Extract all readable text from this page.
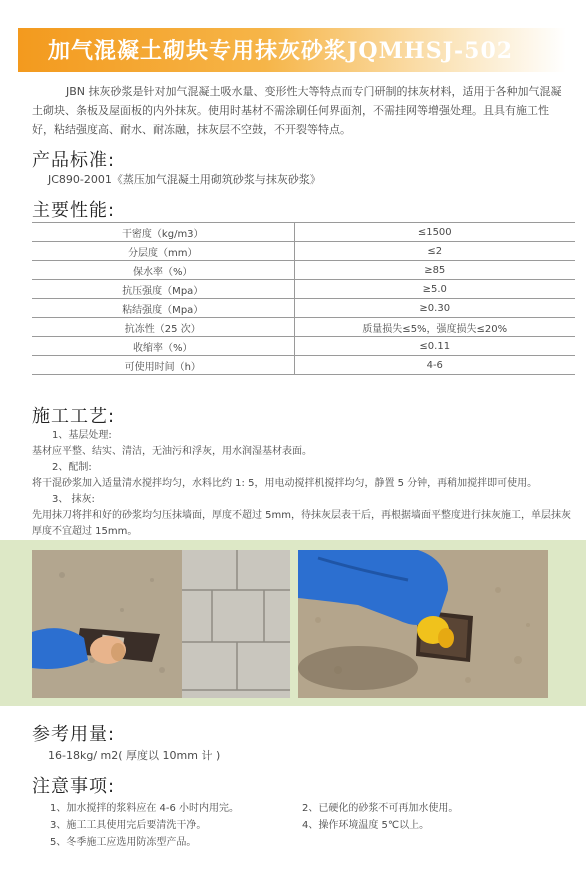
加气混凝土砌块专用抹灰砂浆JQMHSJ-502

JBN 抹灰砂浆是针对加气混凝土吸水量、变形性大等特点而专门研制的抹灰材料，适用于各种加气混凝土砌块、条板及屋面板的内外抹灰。使用时基材不需涂刷任何界面剂，不需挂网等增强处理。且具有施工性好，粘结强度高、耐水、耐冻融，抹灰层不空鼓，不开裂等特点。

产品标准:
JC890-2001《蒸压加气混凝土用砌筑砂浆与抹灰砂浆》
主要性能:
干密度（kg/m3）	≤1500
分层度（mm）	≤2
保水率（%）	≥85
抗压强度（Mpa）	≥5.0
粘结强度（Mpa）	≥0.30
抗冻性（25 次）	质量损失≤5%，强度损失≤20%
收缩率（%）	≤0.11
可使用时间（h）	4-6
施工工艺:
1、基层处理:
基材应平整、结实、清洁，无油污和浮灰，用水润湿基材表面。
2、配制:
将干混砂浆加入适量清水搅拌均匀，水料比约 1: 5，用电动搅拌机搅拌均匀，静置 5 分钟，再稍加搅拌即可使用。
3、 抹灰:
先用抹刀将拌和好的砂浆均匀压抹墙面，厚度不超过 5mm，待抹灰层表干后，再根据墙面平整度进行抹灰施工，单层抹灰厚度不宜超过 15mm。
参考用量:
16-18kg/ m2( 厚度以 10mm 计 )
注意事项:
1、加水搅拌的浆料应在 4-6 小时内用完。
3、施工工具使用完后要清洗干净。
5、冬季施工应选用防冻型产品。
2、已硬化的砂浆不可再加水使用。
4、操作环境温度 5℃以上。
